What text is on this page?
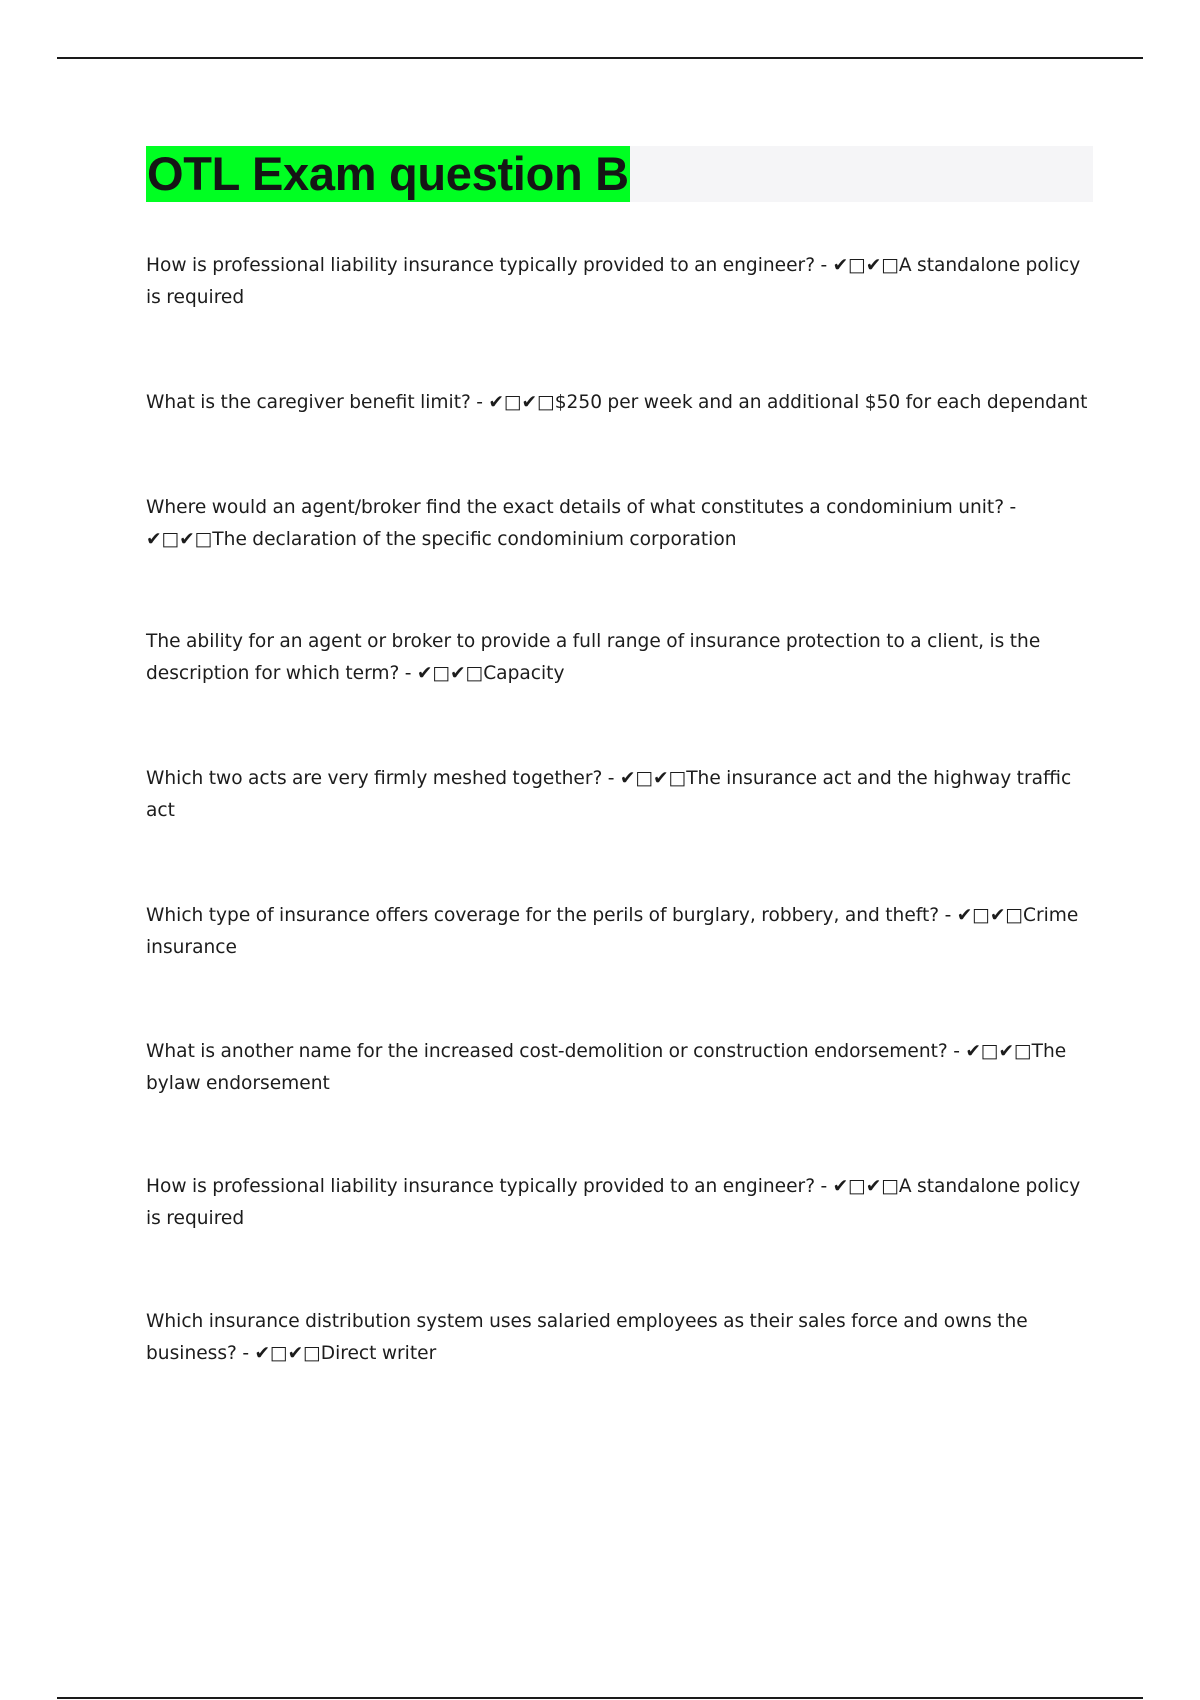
OTL Exam question B

How is professional liability insurance typically provided to an engineer? - ✔□✔□A standalone policy is required

What is the caregiver benefit limit? - ✔□✔□$250 per week and an additional $50 for each dependant

Where would an agent/broker find the exact details of what constitutes a condominium unit? - ✔□✔□The declaration of the specific condominium corporation

The ability for an agent or broker to provide a full range of insurance protection to a client, is the description for which term? - ✔□✔□Capacity

Which two acts are very firmly meshed together? - ✔□✔□The insurance act and the highway traffic act

Which type of insurance offers coverage for the perils of burglary, robbery, and theft? - ✔□✔□Crime insurance

What is another name for the increased cost-demolition or construction endorsement? - ✔□✔□The bylaw endorsement

How is professional liability insurance typically provided to an engineer? - ✔□✔□A standalone policy is required

Which insurance distribution system uses salaried employees as their sales force and owns the business? - ✔□✔□Direct writer
